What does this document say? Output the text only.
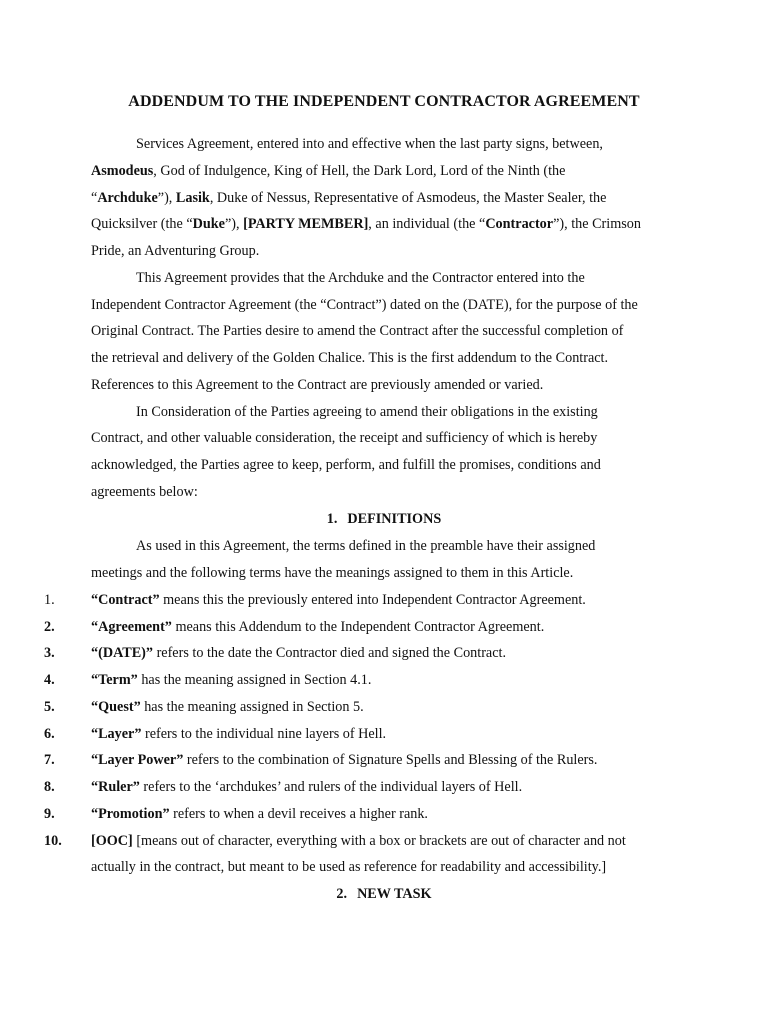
ADDENDUM TO THE INDEPENDENT CONTRACTOR AGREEMENT
Services Agreement, entered into and effective when the last party signs, between,
Asmodeus, God of Indulgence, King of Hell, the Dark Lord, Lord of the Ninth (the
“Archduke”), Lasik, Duke of Nessus, Representative of Asmodeus, the Master Sealer, the
Quicksilver (the “Duke”), [PARTY MEMBER], an individual (the “Contractor”), the Crimson
Pride, an Adventuring Group.
This Agreement provides that the Archduke and the Contractor entered into the
Independent Contractor Agreement (the “Contract”) dated on the (DATE), for the purpose of the
Original Contract. The Parties desire to amend the Contract after the successful completion of
the retrieval and delivery of the Golden Chalice. This is the first addendum to the Contract.
References to this Agreement to the Contract are previously amended or varied.
In Consideration of the Parties agreeing to amend their obligations in the existing
Contract, and other valuable consideration, the receipt and sufficiency of which is hereby
acknowledged, the Parties agree to keep, perform, and fulfill the promises, conditions and
agreements below:
1. DEFINITIONS
As used in this Agreement, the terms defined in the preamble have their assigned
meetings and the following terms have the meanings assigned to them in this Article.
1.	“Contract” means this the previously entered into Independent Contractor Agreement.
2.	“Agreement” means this Addendum to the Independent Contractor Agreement.
3.	“(DATE)” refers to the date the Contractor died and signed the Contract.
4.	“Term” has the meaning assigned in Section 4.1.
5.	“Quest” has the meaning assigned in Section 5.
6.	“Layer” refers to the individual nine layers of Hell.
7.	“Layer Power” refers to the combination of Signature Spells and Blessing of the Rulers.
8.	“Ruler” refers to the ‘archdukes’ and rulers of the individual layers of Hell.
9.	“Promotion” refers to when a devil receives a higher rank.
10. [OOC] [means out of character, everything with a box or brackets are out of character and not
actually in the contract, but meant to be used as reference for readability and accessibility.]
2. NEW TASK
